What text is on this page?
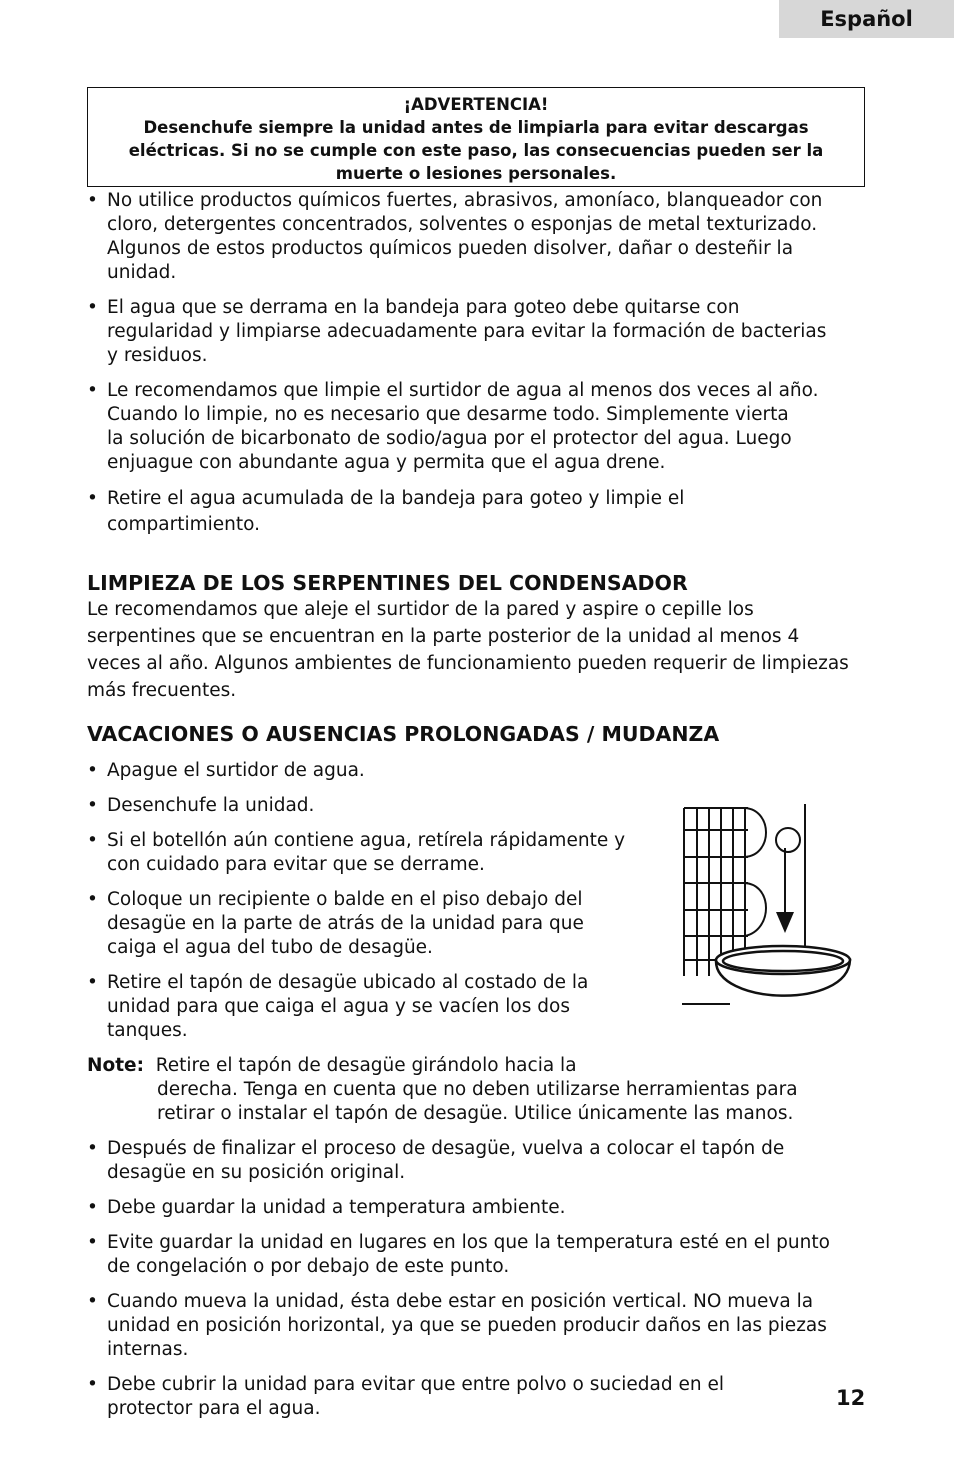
Español
¡ADVERTENCIA!
Desenchufe siempre la unidad antes de limpiarla para evitar descargas
eléctricas. Si no se cumple con este paso, las consecuencias pueden ser la
muerte o lesiones personales.
• No utilice productos químicos fuertes, abrasivos, amoníaco, blanqueador con
cloro, detergentes concentrados, solventes o esponjas de metal texturizado.
Algunos de estos productos químicos pueden disolver, dañar o desteñir la
unidad.
• El agua que se derrama en la bandeja para goteo debe quitarse con
regularidad y limpiarse adecuadamente para evitar la formación de bacterias
y residuos.
• Le recomendamos que limpie el surtidor de agua al menos dos veces al año.
Cuando lo limpie, no es necesario que desarme todo. Simplemente vierta
la solución de bicarbonato de sodio/agua por el protector del agua. Luego
enjuague con abundante agua y permita que el agua drene.
• Retire el agua acumulada de la bandeja para goteo y limpie el
compartimiento.
LIMPIEZA DE LOS SERPENTINES DEL CONDENSADOR
Le recomendamos que aleje el surtidor de la pared y aspire o cepille los
serpentines que se encuentran en la parte posterior de la unidad al menos 4
veces al año. Algunos ambientes de funcionamiento pueden requerir de limpiezas
más frecuentes.
VACACIONES O AUSENCIAS PROLONGADAS / MUDANZA
• Apague el surtidor de agua.
• Desenchufe la unidad.
• Si el botellón aún contiene agua, retírela rápidamente y
con cuidado para evitar que se derrame.
• Coloque un recipiente o balde en el piso debajo del
desagüe en la parte de atrás de la unidad para que
caiga el agua del tubo de desagüe.
• Retire el tapón de desagüe ubicado al costado de la
unidad para que caiga el agua y se vacíen los dos
tanques.
Note: Retire el tapón de desagüe girándolo hacia la
derecha. Tenga en cuenta que no deben utilizarse herramientas para
retirar o instalar el tapón de desagüe. Utilice únicamente las manos.
• Después de finalizar el proceso de desagüe, vuelva a colocar el tapón de
desagüe en su posición original.
• Debe guardar la unidad a temperatura ambiente.
• Evite guardar la unidad en lugares en los que la temperatura esté en el punto
de congelación o por debajo de este punto.
• Cuando mueva la unidad, ésta debe estar en posición vertical. NO mueva la
unidad en posición horizontal, ya que se pueden producir daños en las piezas
internas.
• Debe cubrir la unidad para evitar que entre polvo o suciedad en el
protector para el agua.	12
